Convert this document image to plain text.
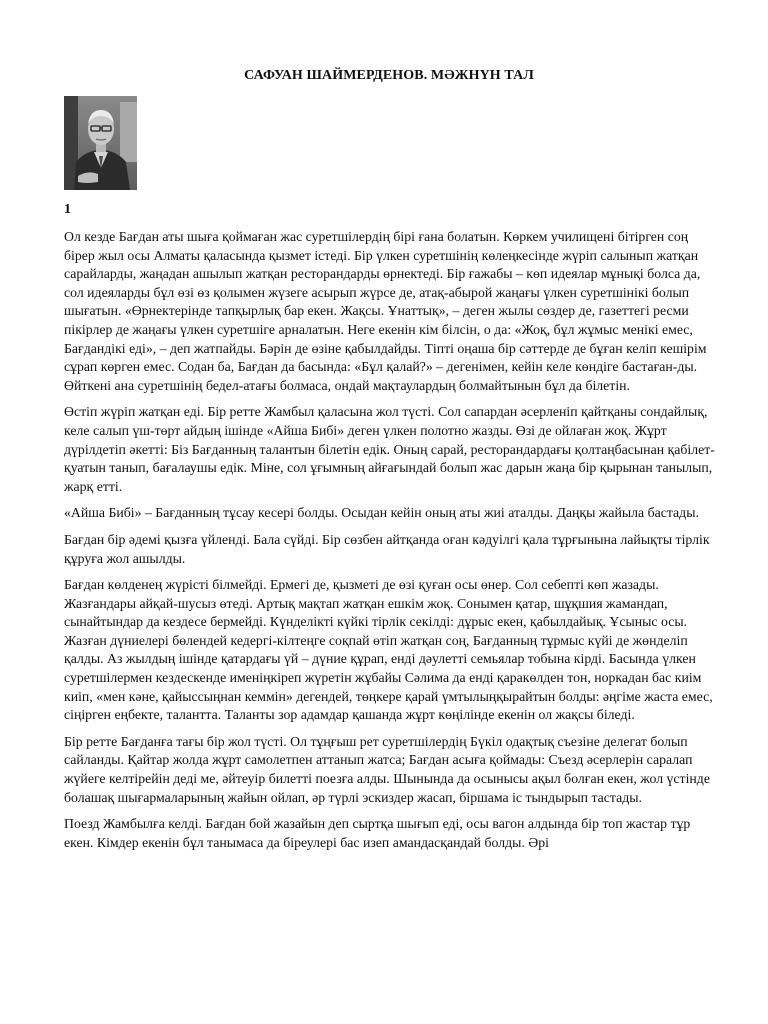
САФУАН ШАЙМЕРДЕНОВ. МӘЖНҮН ТАЛ

1

Ол кезде Бағдан аты шыға қоймаған жас суретшілердің бірі ғана болатын. Көркем училищені бітірген соң бірер жыл осы Алматы қаласында қызмет істеді. Бір үлкен суретшінің көлеңкесінде жүріп салынып жатқан сарайларды, жаңадан ашылып жатқан ресторандарды өрнектеді. Бір ғажабы – көп идеялар мұнықі болса да, сол идеяларды бұл өзі өз қолымен жүзеге асырып жүрсе де, атақ-абырой жаңағы үлкен суретшінікі болып шығатын. «Өрнектерінде тапқырлық бар екен. Жақсы. Ұнаттық», – деген жылы сөздер де, газеттегі ресми пікірлер де жаңағы үлкен суретшіге арналатын. Неге екенін кім білсін, о да: «Жоқ, бұл жұмыс менікі емес, Бағдандікі еді», – деп жатпайды. Бәрін де өзіне қабылдайды. Тіпті оңаша бір сәттерде де бұған келіп кешірім сұрап көрген емес. Содан ба, Бағдан да басында: «Бұл қалай?» – дегенімен, кейін келе көндіге бастаған-ды. Өйткені ана суретшінің бедел-атағы болмаса, ондай мақтаулардың болмайтынын бұл да білетін.

Өстіп жүріп жатқан еді. Бір ретте Жамбыл қаласына жол түсті. Сол сапардан әсерленіп қайтқаны сондайлық, келе салып үш-төрт айдың ішінде «Айша Бибі» деген үлкен полотно жазды. Өзі де ойлаған жоқ. Жұрт дүрілдетіп әкетті: Біз Бағданның талантын білетін едік. Оның сарай, ресторандардағы қолтаңбасынан қабілет-қуатын танып, бағалаушы едік. Міне, сол ұғымның айғағындай болып жас дарын жаңа бір қырынан танылып, жарқ етті.

«Айша Бибі» – Бағданның тұсау кесері болды. Осыдан кейін оның аты жиі аталды. Даңқы жайыла бастады.

Бағдан бір әдемі қызға үйленді. Бала сүйді. Бір сөзбен айтқанда оған кәдуілгі қала тұрғынына лайықты тірлік құруға жол ашылды.

Бағдан көлденең жүрісті білмейді. Ермегі де, қызметі де өзі қуған осы өнер. Сол себепті көп жазады. Жазғандары айқай-шусыз өтеді. Артық мақтап жатқан ешкім жоқ. Сонымен қатар, шұқшия жамандап, сынайтындар да кездесе бермейді. Күнделікті күйкі тірлік секілді: дұрыс екен, қабылдайық. Ұсыныс осы. Жазған дүниелері бөлендей кедергі-кілтеңге соқпай өтіп жатқан соң, Бағданның тұрмыс күйі де жөнделіп қалды. Аз жылдың ішінде қатардағы үй – дүние құрап, енді дәулетті семьялар тобына кірді. Басында үлкен суретшілермен кездескенде именіңкіреп жүретін жұбайы Сәлима да енді қаракөлден тон, норкадан бас киім киіп, «мен кәне, қайыссыңнан кеммін» дегендей, төңкере қарай үмтылыңқырайтын болды: әңгіме жаста емес, сіңірген еңбекте, талантта. Таланты зор адамдар қашанда жұрт көңілінде екенін ол жақсы біледі.

Бір ретте Бағданға тағы бір жол түсті. Ол тұңғыш рет суретшілердің Бүкіл одақтық съезіне делегат болып сайланды. Қайтар жолда жұрт самолетпен аттанып жатса; Бағдан асыға қоймады: Съезд әсерлерін саралап жүйеге келтірейін деді ме, әйтеуір билетті поезға алды. Шынында да осынысы ақыл болған екен, жол үстінде болашақ шығармаларының жайын ойлап, әр түрлі эскиздер жасап, біршама іс тындырып тастады.

Поезд Жамбылға келді. Бағдан бой жазайын деп сыртқа шығып еді, осы вагон алдында бір топ жастар тұр екен. Кімдер екенін бұл танымаса да біреулері бас изеп амандасқандай болды. Әрі
